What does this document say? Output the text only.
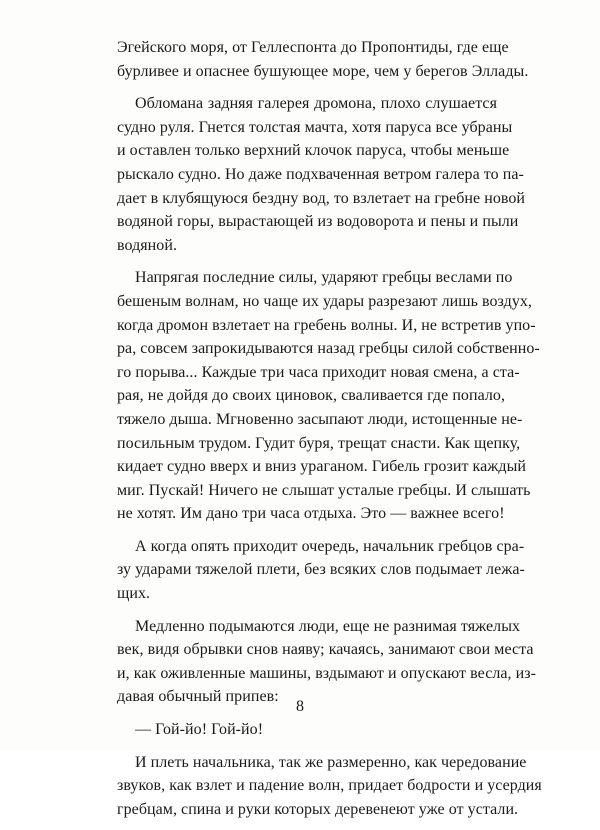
Эгейского моря, от Геллеспонта до Пропонтиды, где еще
бурливее и опаснее бушующее море, чем у берегов Эллады.
Обломана задняя галерея дромона, плохо слушается
судно руля. Гнется толстая мачта, хотя паруса все убраны
и оставлен только верхний клочок паруса, чтобы меньше
рыскало судно. Но даже подхваченная ветром галера то па-
дает в клубящуюся бездну вод, то взлетает на гребне новой
водяной горы, вырастающей из водоворота и пены и пыли
водяной.
Напрягая последние силы, ударяют гребцы веслами по
бешеным волнам, но чаще их удары разрезают лишь воздух,
когда дромон взлетает на гребень волны. И, не встретив упо-
ра, совсем запрокидываются назад гребцы силой собственно-
го порыва... Каждые три часа приходит новая смена, а ста-
рая, не дойдя до своих циновок, сваливается где попало,
тяжело дыша. Мгновенно засыпают люди, истощенные не-
посильным трудом. Гудит буря, трещат снасти. Как щепку,
кидает судно вверх и вниз ураганом. Гибель грозит каждый
миг. Пускай! Ничего не слышат усталые гребцы. И слышать
не хотят. Им дано три часа отдыха. Это — важнее всего!
А когда опять приходит очередь, начальник гребцов сра-
зу ударами тяжелой плети, без всяких слов подымает лежа-
щих.
Медленно подымаются люди, еще не разнимая тяжелых
век, видя обрывки снов наяву; качаясь, занимают свои места
и, как оживленные машины, вздымают и опускают весла, из-
давая обычный припев:
— Гой-йо! Гой-йо!
И плеть начальника, так же размеренно, как чередование
звуков, как взлет и падение волн, придает бодрости и усердия
гребцам, спина и руки которых деревенеют уже от устали.
8
